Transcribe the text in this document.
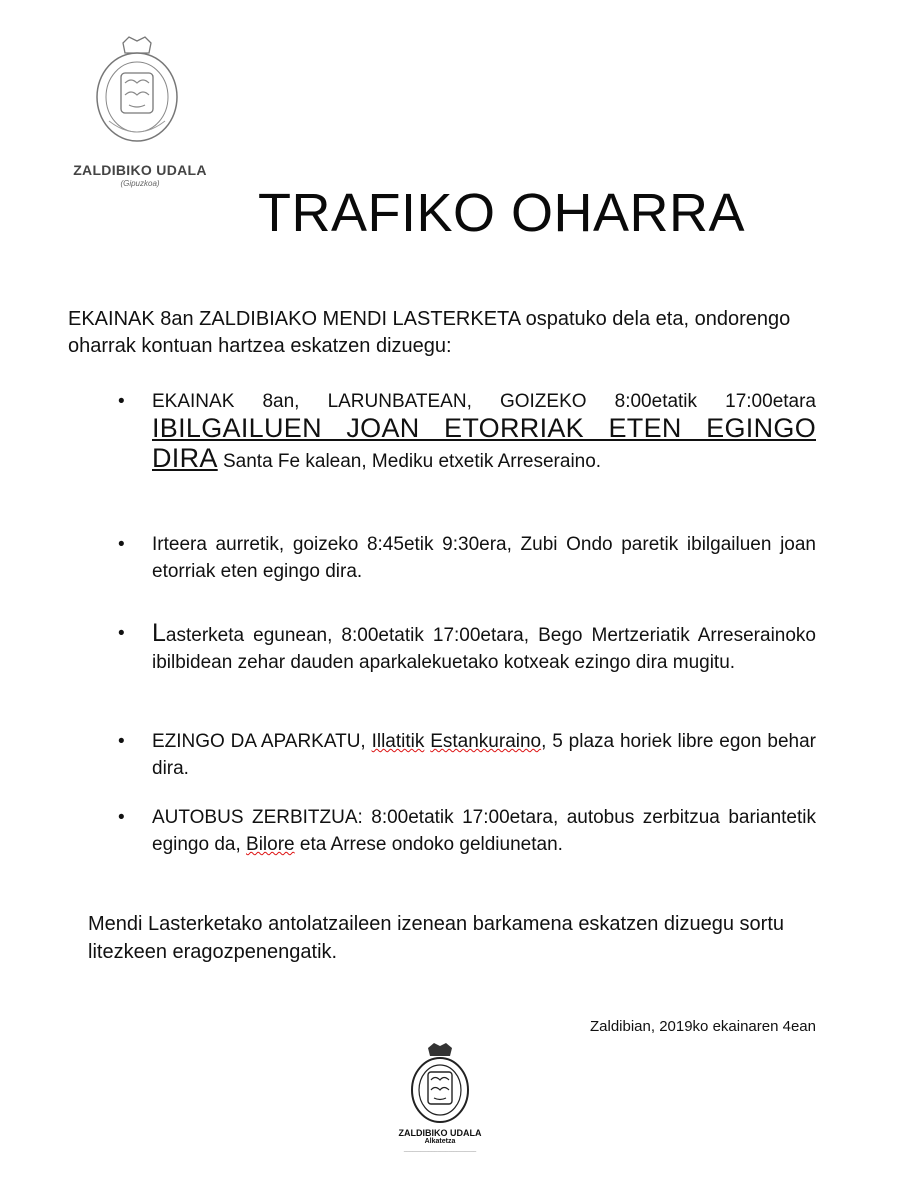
ZALDIBIKO UDALA
(Gipuzkoa)	TRAFIKO OHARRA
EKAINAK 8an ZALDIBIAKO MENDI LASTERKETA ospatuko dela eta, ondorengo oharrak kontuan hartzea eskatzen dizuegu:
•	EKAINAK 8an, LARUNBATEAN, GOIZEKO 8:00etatik 17:00etara IBILGAILUEN JOAN ETORRIAK ETEN EGINGO DIRA Santa Fe kalean, Mediku etxetik Arreseraino.
•	Irteera aurretik, goizeko 8:45etik 9:30era, Zubi Ondo paretik ibilgailuen joan etorriak eten egingo dira.
•	Lasterketa egunean, 8:00etatik 17:00etara, Bego Mertzeriatik Arreserainoko ibilbidean zehar dauden aparkalekuetako kotxeak ezingo dira mugitu.
•	EZINGO DA APARKATU, Illatitik Estankuraino, 5 plaza horiek libre egon behar dira.
•	AUTOBUS ZERBITZUA: 8:00etatik 17:00etara, autobus zerbitzua bariantetik egingo da, Bilore eta Arrese ondoko geldiunetan.
Mendi Lasterketako antolatzaileen izenean barkamena eskatzen dizuegu sortu litezkeen eragozpenengatik.
Zaldibian, 2019ko ekainaren 4ean
ZALDIBIKO UDALA
Alkatetza
__________________________
